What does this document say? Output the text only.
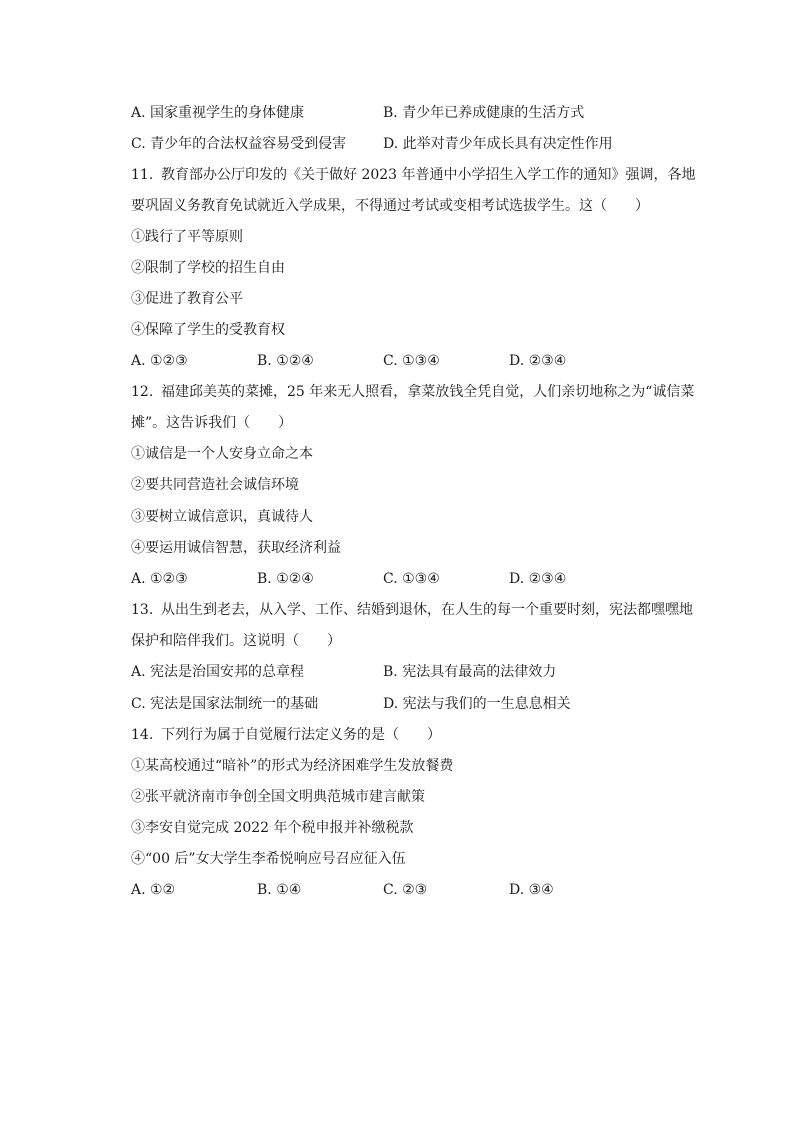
A. 国家重视学生的身体健康	B. 青少年已养成健康的生活方式
C. 青少年的合法权益容易受到侵害	D. 此举对青少年成长具有决定性作用
11. 教育部办公厅印发的《关于做好 2023 年普通中小学招生入学工作的通知》强调，各地
要巩固义务教育免试就近入学成果，不得通过考试或变相考试选拔学生。这（　　）
①践行了平等原则
②限制了学校的招生自由
③促进了教育公平
④保障了学生的受教育权
A. ①②③	B. ①②④	C. ①③④	D. ②③④
12. 福建邱美英的菜摊，25 年来无人照看，拿菜放钱全凭自觉，人们亲切地称之为“诚信菜
摊”。这告诉我们（　　）
①诚信是一个人安身立命之本
②要共同营造社会诚信环境
③要树立诚信意识，真诚待人
④要运用诚信智慧，获取经济利益
A. ①②③	B. ①②④	C. ①③④	D. ②③④
13. 从出生到老去，从入学、工作、结婚到退休，在人生的每一个重要时刻，宪法都嘿嘿地
保护和陪伴我们。这说明（　　）
A. 宪法是治国安邦的总章程	B. 宪法具有最高的法律效力
C. 宪法是国家法制统一的基础	D. 宪法与我们的一生息息相关
14. 下列行为属于自觉履行法定义务的是（　　）
①某高校通过“暗补”的形式为经济困难学生发放餐费
②张平就济南市争创全国文明典范城市建言献策
③李安自觉完成 2022 年个税申报并补缴税款
④“00 后”女大学生李希悦响应号召应征入伍
A. ①②	B. ①④	C. ②③	D. ③④
